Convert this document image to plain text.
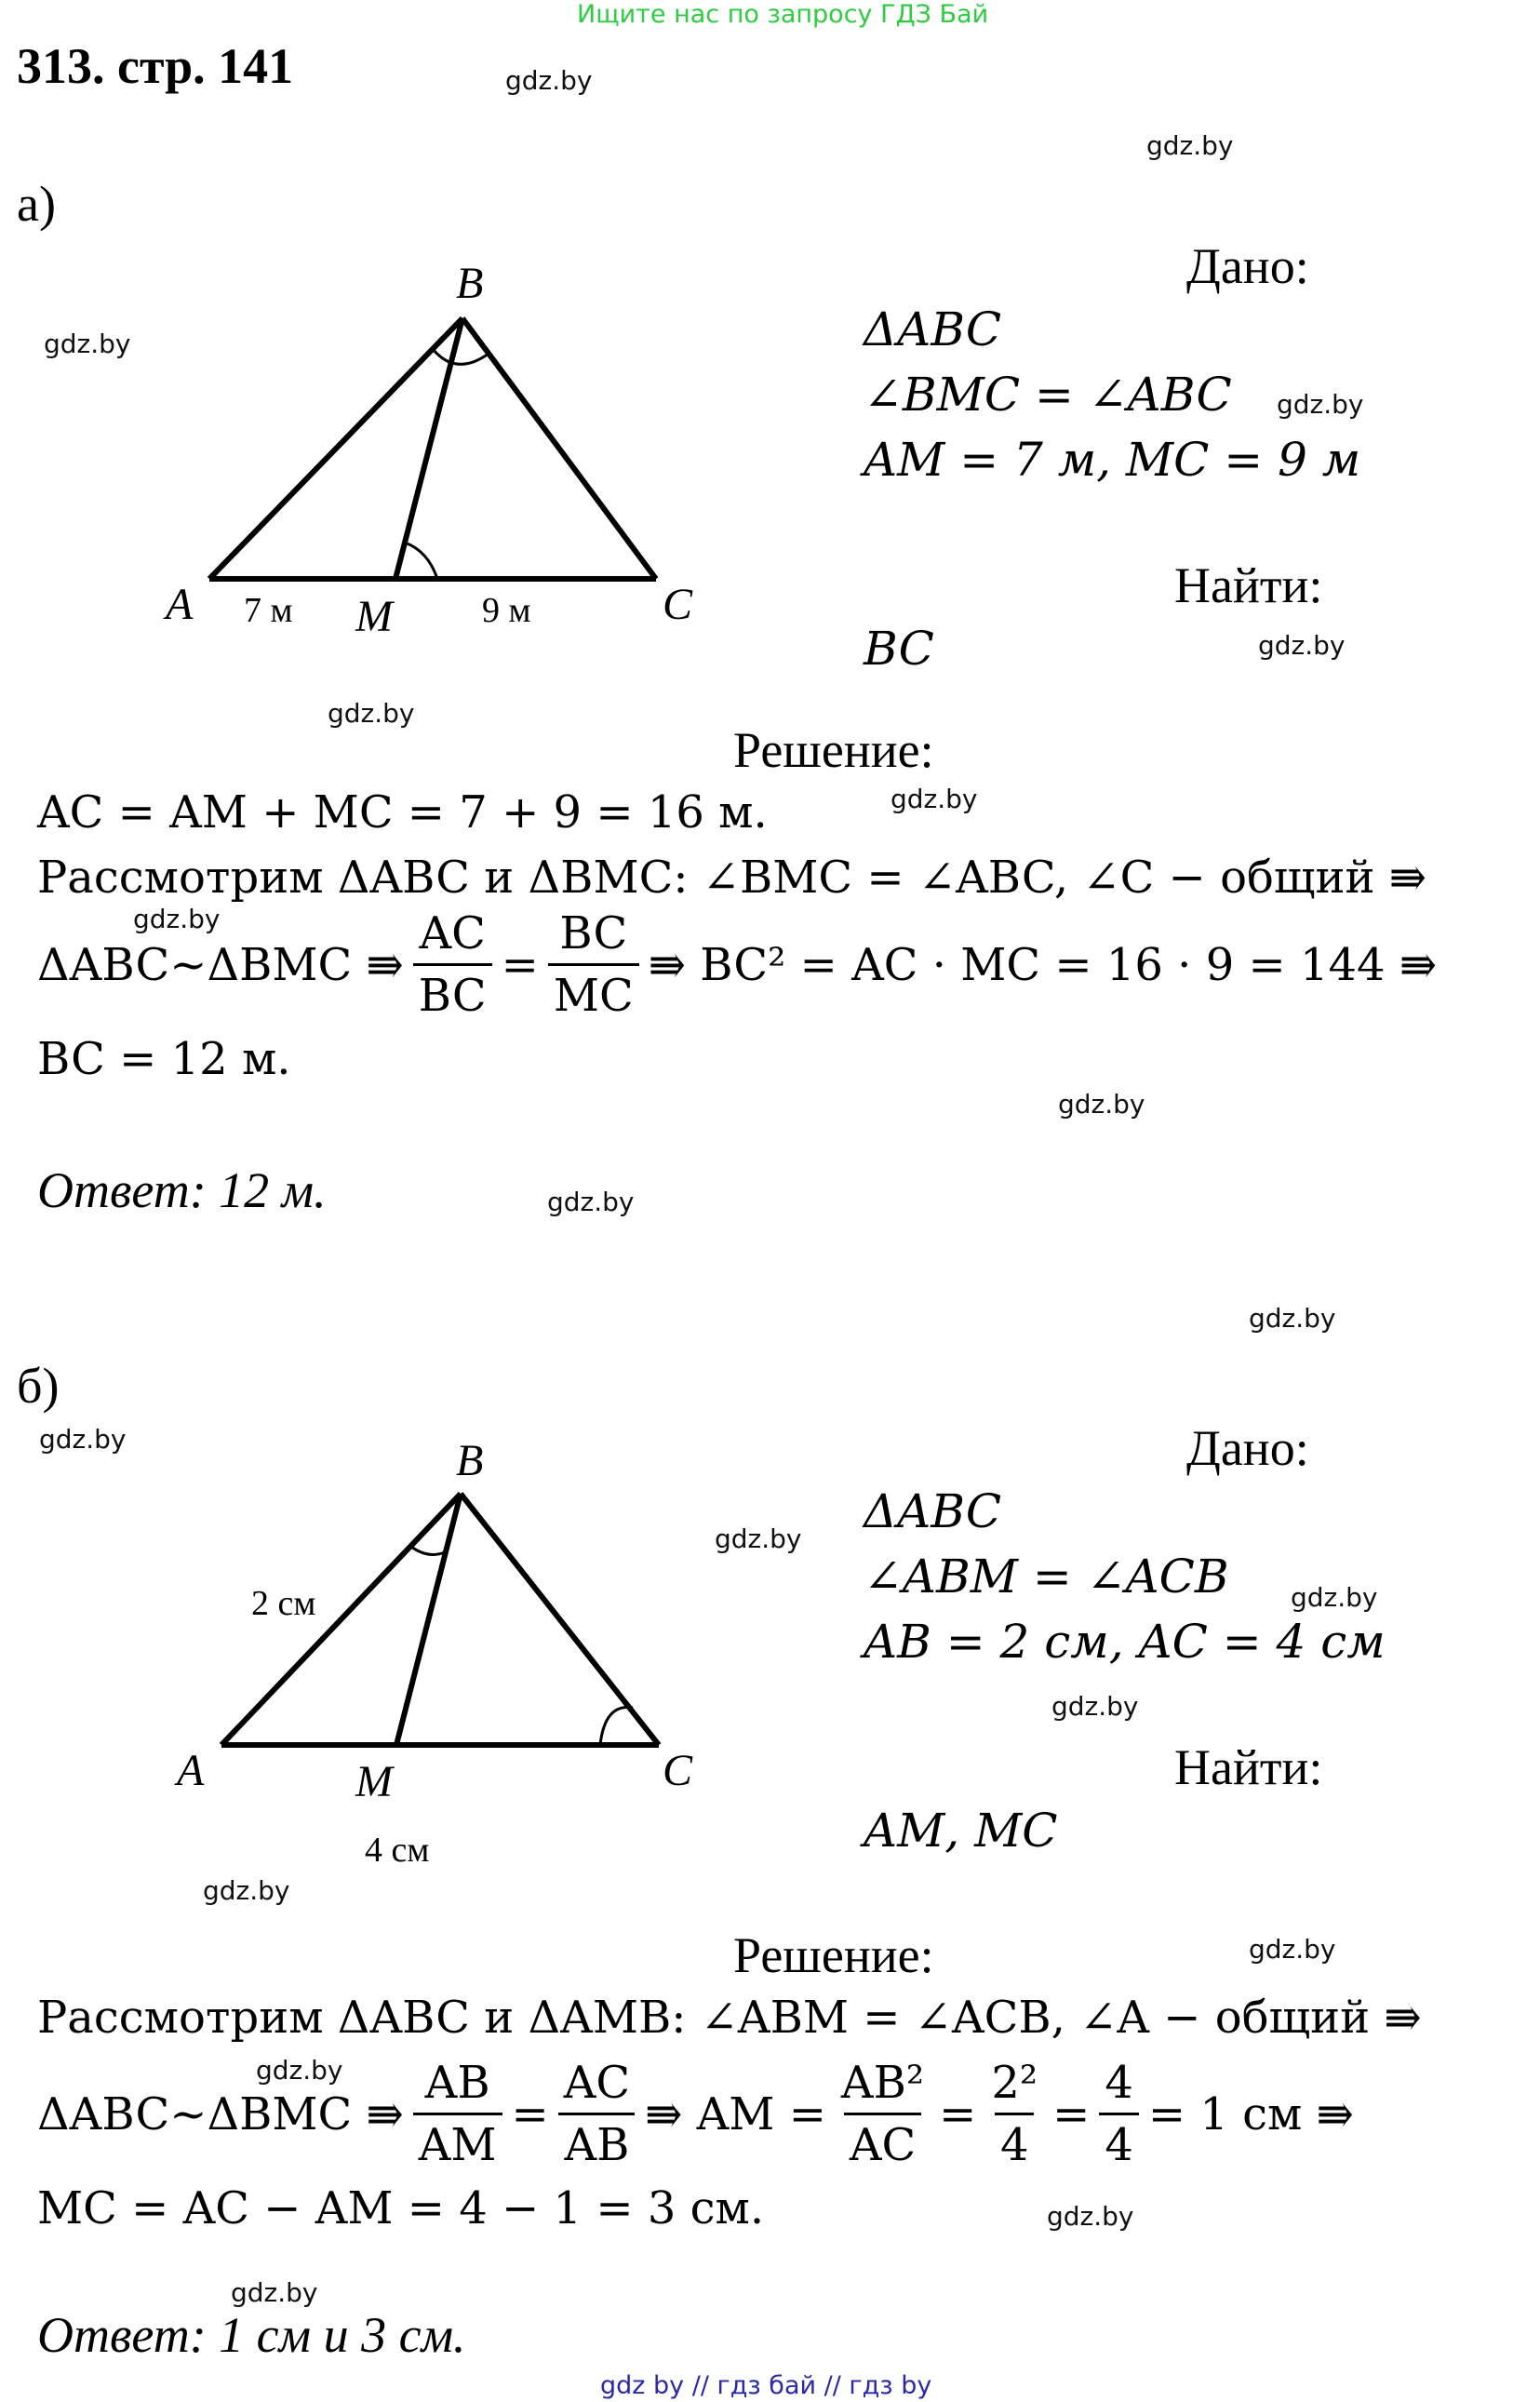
Ищите нас по запросу ГДЗ Бай
313. стр. 141	gdz.by
gdz.by
gdz.by
gdz.by
gdz.by
gdz.by
gdz.by
gdz.by
gdz.by
gdz.by
gdz.by
gdz.by
gdz.by
gdz.by
gdz.by
gdz.by
gdz.by
gdz.by
gdz.by
gdz.by
а)
B
A	M	C
7 м	9 м
Дано:
ΔABC
∠BMC = ∠ABC
AM = 7 м, MC = 9 м
Найти:
BC
Решение:
AC = AM + MC = 7 + 9 = 16 м.
Рассмотрим ΔABC и ΔBMC: ∠BMC = ∠ABC, ∠C − общий ⇛
ΔABC~ΔBMC ⇛ $\frac{AC}{BC} = \frac{BC}{MC}$ ⇛ BC² = AC · MC = 16 · 9 = 144 ⇛
BC = 12 м.
Ответ: 12 м.
б)
B
A	M	C
2 см
4 см
Дано:
ΔABC
∠ABM = ∠ACB
AB = 2 см, AC = 4 см
Найти:
AM, MC
Решение:
Рассмотрим ΔABC и ΔAMB: ∠ABM = ∠ACB, ∠A − общий ⇛
ΔABC~ΔBMC ⇛ $\frac{AB}{AM} = \frac{AC}{AB}$ ⇛ AM = $\frac{\text{AB²}}{AC} = \frac{\text{2²}}{4} = \frac{4}{4} = 1$ см ⇛
MC = AC − AM = 4 − 1 = 3 см.
Ответ: 1 см и 3 см.
gdz by // гдз бай // гдз by
